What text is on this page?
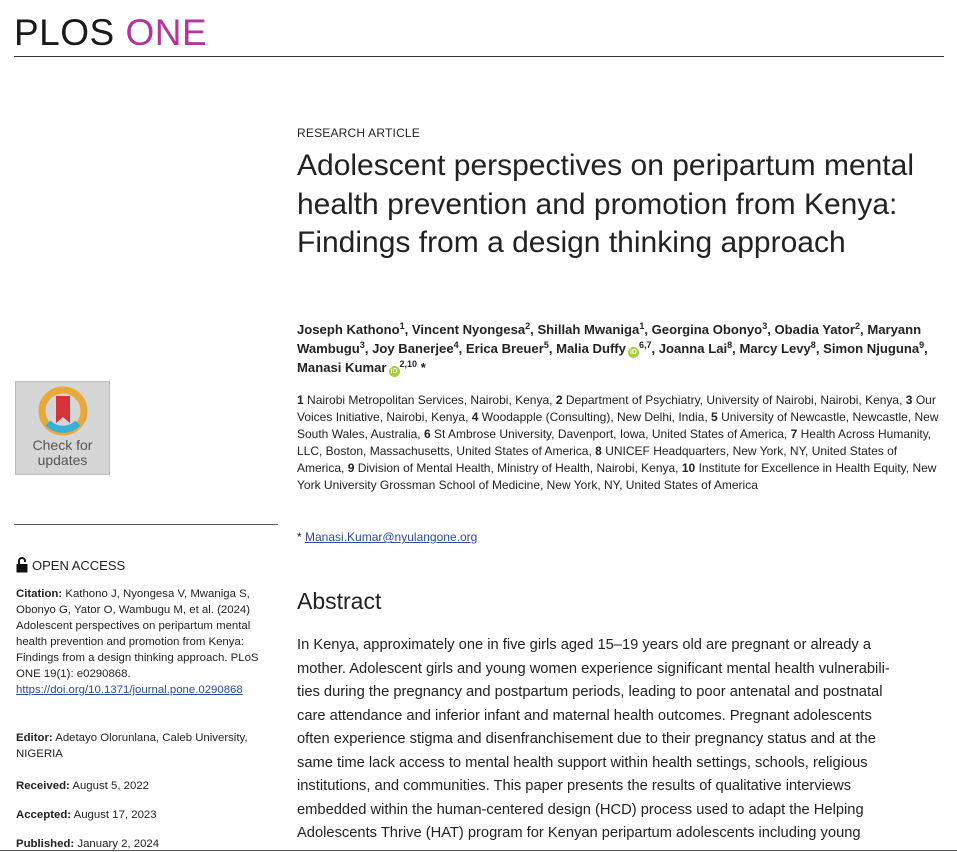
PLOS ONE
Check for
updates
OPEN ACCESS
Citation: Kathono J, Nyongesa V, Mwaniga S, Obonyo G, Yator O, Wambugu M, et al. (2024) Adolescent perspectives on peripartum mental health prevention and promotion from Kenya: Findings from a design thinking approach. PLoS ONE 19(1): e0290868. https://doi.org/10.1371/journal.pone.0290868
Editor: Adetayo Olorunlana, Caleb University, NIGERIA
Received: August 5, 2022
Accepted: August 17, 2023
Published: January 2, 2024
RESEARCH ARTICLE
Adolescent perspectives on peripartum mental health prevention and promotion from Kenya: Findings from a design thinking approach
Joseph Kathono$^1$, Vincent Nyongesa$^2$, Shillah Mwaniga$^1$, Georgina Obonyo$^3$, Obadia Yator$^2$, Maryann Wambugu$^3$, Joy Banerjee$^4$, Erica Breuer$^5$, Malia Duffy iD$^{6,7}$, Joanna Lai$^8$, Marcy Levy$^8$, Simon Njuguna$^9$, Manasi Kumar iD$^{2,10}$ *
1 Nairobi Metropolitan Services, Nairobi, Kenya, 2 Department of Psychiatry, University of Nairobi, Nairobi, Kenya, 3 Our Voices Initiative, Nairobi, Kenya, 4 Woodapple (Consulting), New Delhi, India, 5 University of Newcastle, Newcastle, New South Wales, Australia, 6 St Ambrose University, Davenport, Iowa, United States of America, 7 Health Across Humanity, LLC, Boston, Massachusetts, United States of America, 8 UNICEF Headquarters, New York, NY, United States of America, 9 Division of Mental Health, Ministry of Health, Nairobi, Kenya, 10 Institute for Excellence in Health Equity, New York University Grossman School of Medicine, New York, NY, United States of America
* Manasi.Kumar@nyulangone.org
Abstract
In Kenya, approximately one in five girls aged 15–19 years old are pregnant or already a
mother. Adolescent girls and young women experience significant mental health vulnerabili-
ties during the pregnancy and postpartum periods, leading to poor antenatal and postnatal
care attendance and inferior infant and maternal health outcomes. Pregnant adolescents
often experience stigma and disenfranchisement due to their pregnancy status and at the
same time lack access to mental health support within health settings, schools, religious
institutions, and communities. This paper presents the results of qualitative interviews
embedded within the human-centered design (HCD) process used to adapt the Helping
Adolescents Thrive (HAT) program for Kenyan peripartum adolescents including young
